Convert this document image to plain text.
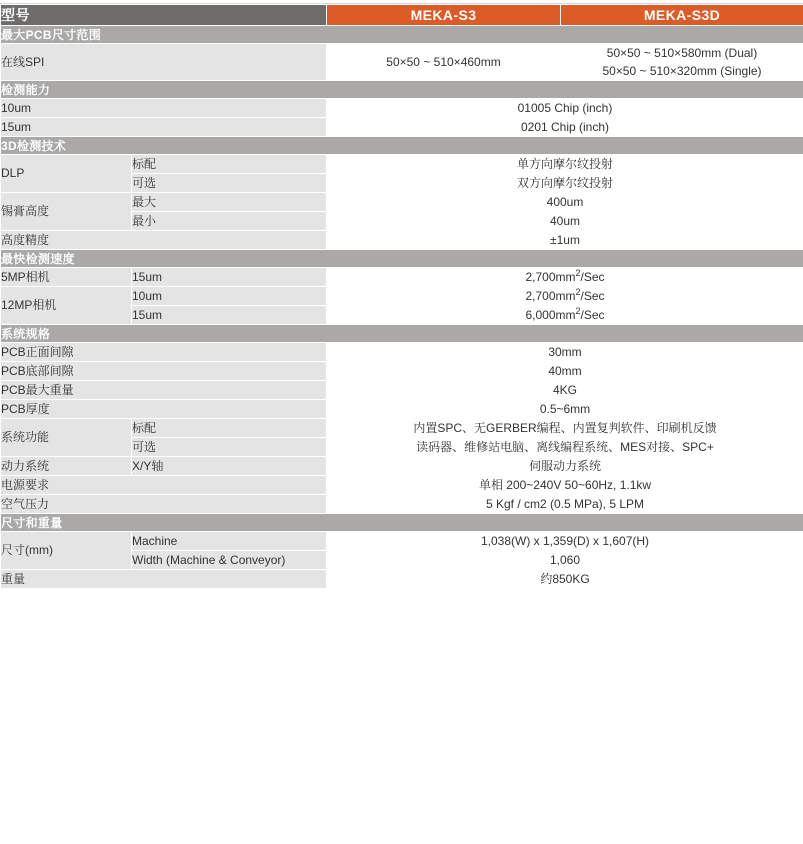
型号		MEKA-S3	MEKA-S3D
最大PCB尺寸范围			
在线SPI		50×50 ~ 510×460mm	50×50 ~ 510×580mm (Dual)
50×50 ~ 510×320mm (Single)

检测能力			
10um		01005 Chip (inch)	
15um		0201 Chip (inch)	
3D检测技术			
DLP	标配	单方向摩尔纹投射	
	可选	双方向摩尔纹投射	
锡膏高度	最大	400um	
	最小	40um	
高度精度		±1um	
最快检测速度			
5MP相机	15um	$2,700mm^2$/Sec	
12MP相机	10um	$2,700mm^2$/Sec	
	15um	$6,000mm^2$/Sec	
系统规格			
PCB正面间隙		30mm	
PCB底部间隙		40mm	
PCB最大重量		4KG	
PCB厚度		0.5~6mm	
系统功能	标配	内置SPC、无GERBER编程、内置复判软件、印刷机反馈	
	可选	读码器、维修站电脑、离线编程系统、MES对接、SPC+	
动力系统	X/Y轴	伺服动力系统	
电源要求		单相 200~240V 50~60Hz, 1.1kw	
空气压力		5 Kgf / cm2 (0.5 MPa), 5 LPM	
尺寸和重量			
尺寸(mm)	Machine	1,038(W) x 1,359(D) x 1,607(H)	
	Width (Machine & Conveyor)	1,060	
重量		约850KG	
